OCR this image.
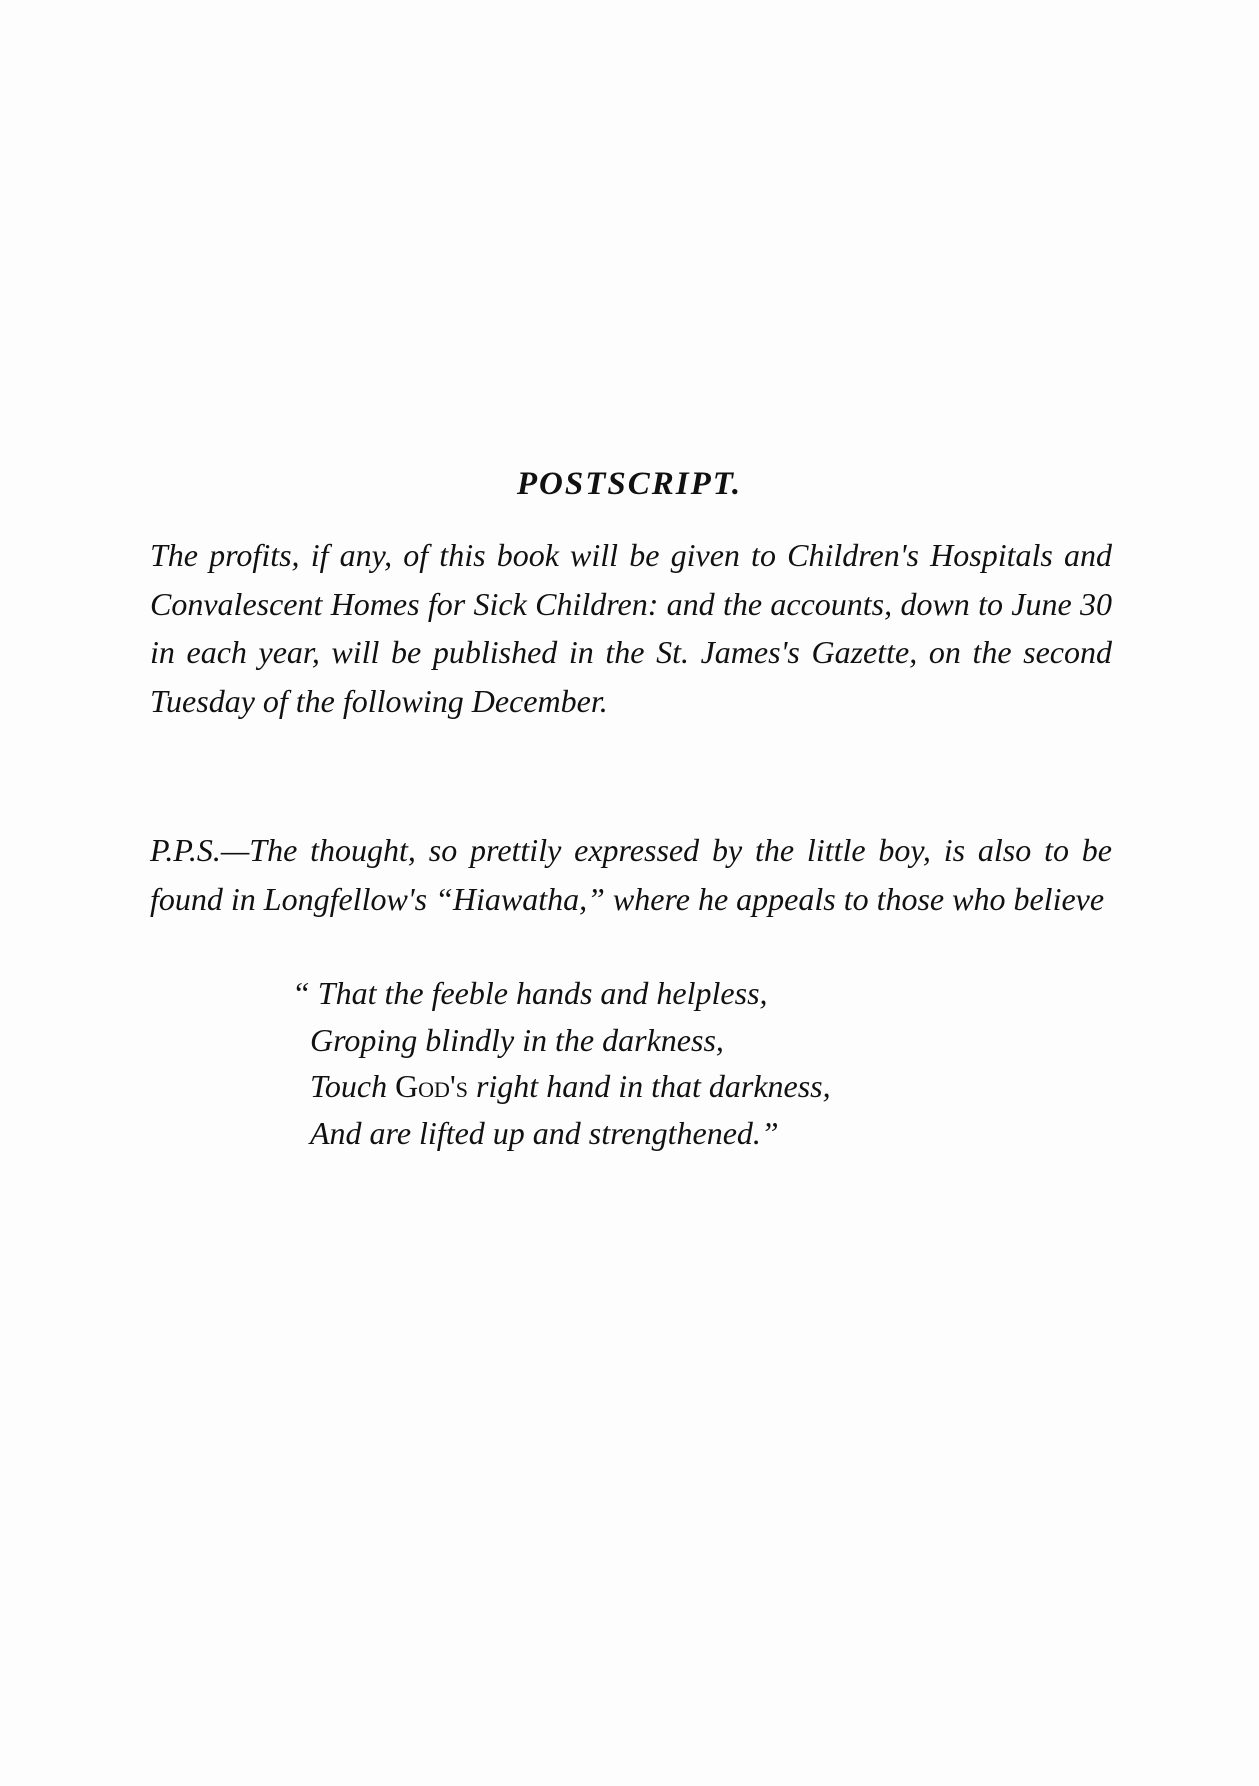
POSTSCRIPT.

The profits, if any, of this book will be given to Children's Hospitals and Convalescent Homes for Sick Children: and the accounts, down to June 30 in each year, will be published in the St. James's Gazette, on the second Tuesday of the following December.

P.P.S.—The thought, so prettily expressed by the little boy, is also to be found in Longfellow's “Hiawatha,” where he appeals to those who believe

“ That the feeble hands and helpless,
Groping blindly in the darkness,
Touch God's right hand in that darkness,
And are lifted up and strengthened.”
